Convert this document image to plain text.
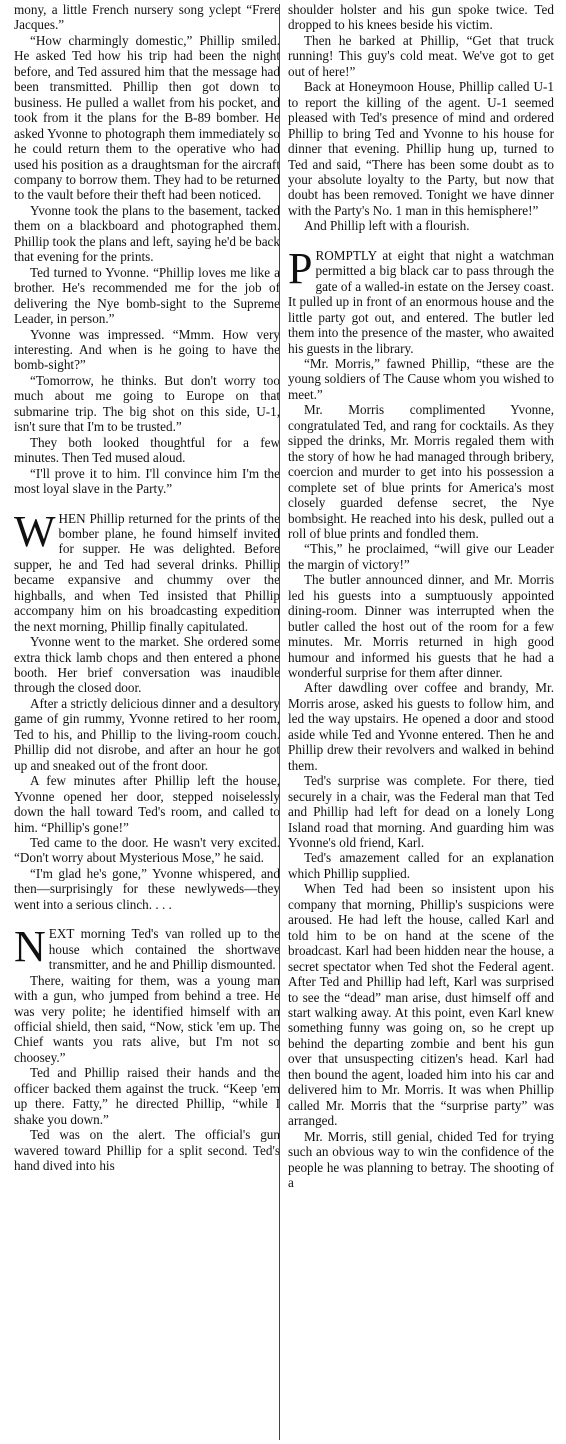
mony, a little French nursery song yclept “Frere Jacques.”

“How charmingly domestic,” Phillip smiled. He asked Ted how his trip had been the night before, and Ted assured him that the message had been transmitted. Phillip then got down to business. He pulled a wallet from his pocket, and took from it the plans for the B-89 bomber. He asked Yvonne to photograph them immediately so he could return them to the operative who had used his position as a draughtsman for the aircraft company to borrow them. They had to be returned to the vault before their theft had been noticed.

Yvonne took the plans to the basement, tacked them on a blackboard and photographed them. Phillip took the plans and left, saying he'd be back that evening for the prints.

Ted turned to Yvonne. “Phillip loves me like a brother. He's recommended me for the job of delivering the Nye bomb-sight to the Supreme Leader, in person.”

Yvonne was impressed. “Mmm. How very interesting. And when is he going to have the bomb-sight?”

“Tomorrow, he thinks. But don't worry too much about me going to Europe on that submarine trip. The big shot on this side, U-1, isn't sure that I'm to be trusted.”

They both looked thoughtful for a few minutes. Then Ted mused aloud.

“I'll prove it to him. I'll convince him I'm the most loyal slave in the Party.”

WHEN Phillip returned for the prints of the bomber plane, he found himself invited for supper. He was delighted. Before supper, he and Ted had several drinks. Phillip became expansive and chummy over the highballs, and when Ted insisted that Phillip accompany him on his broadcasting expedition the next morning, Phillip finally capitulated.

Yvonne went to the market. She ordered some extra thick lamb chops and then entered a phone booth. Her brief conversation was inaudible through the closed door.

After a strictly delicious dinner and a desultory game of gin rummy, Yvonne retired to her room, Ted to his, and Phillip to the living-room couch. Phillip did not disrobe, and after an hour he got up and sneaked out of the front door.

A few minutes after Phillip left the house, Yvonne opened her door, stepped noiselessly down the hall toward Ted's room, and called to him. “Phillip's gone!”

Ted came to the door. He wasn't very excited. “Don't worry about Mysterious Mose,” he said.

“I'm glad he's gone,” Yvonne whispered, and then—surprisingly for these newlyweds—they went into a serious clinch. . . .

NEXT morning Ted's van rolled up to the house which contained the shortwave transmitter, and he and Phillip dismounted.

There, waiting for them, was a young man with a gun, who jumped from behind a tree. He was very polite; he identified himself with an official shield, then said, “Now, stick 'em up. The Chief wants you rats alive, but I'm not so choosey.”

Ted and Phillip raised their hands and the officer backed them against the truck. “Keep 'em up there. Fatty,” he directed Phillip, “while I shake you down.”

Ted was on the alert. The official's gun wavered toward Phillip for a split second. Ted's hand dived into his

shoulder holster and his gun spoke twice. Ted dropped to his knees beside his victim.

Then he barked at Phillip, “Get that truck running! This guy's cold meat. We've got to get out of here!”

Back at Honeymoon House, Phillip called U-1 to report the killing of the agent. U-1 seemed pleased with Ted's presence of mind and ordered Phillip to bring Ted and Yvonne to his house for dinner that evening. Phillip hung up, turned to Ted and said, “There has been some doubt as to your absolute loyalty to the Party, but now that doubt has been removed. Tonight we have dinner with the Party's No. 1 man in this hemisphere!”

And Phillip left with a flourish.

PROMPTLY at eight that night a watchman permitted a big black car to pass through the gate of a walled-in estate on the Jersey coast. It pulled up in front of an enormous house and the little party got out, and entered. The butler led them into the presence of the master, who awaited his guests in the library.

“Mr. Morris,” fawned Phillip, “these are the young soldiers of The Cause whom you wished to meet.”

Mr. Morris complimented Yvonne, congratulated Ted, and rang for cocktails. As they sipped the drinks, Mr. Morris regaled them with the story of how he had managed through bribery, coercion and murder to get into his possession a complete set of blue prints for America's most closely guarded defense secret, the Nye bombsight. He reached into his desk, pulled out a roll of blue prints and fondled them.

“This,” he proclaimed, “will give our Leader the margin of victory!”

The butler announced dinner, and Mr. Morris led his guests into a sumptuously appointed dining-room. Dinner was interrupted when the butler called the host out of the room for a few minutes. Mr. Morris returned in high good humour and informed his guests that he had a wonderful surprise for them after dinner.

After dawdling over coffee and brandy, Mr. Morris arose, asked his guests to follow him, and led the way upstairs. He opened a door and stood aside while Ted and Yvonne entered. Then he and Phillip drew their revolvers and walked in behind them.

Ted's surprise was complete. For there, tied securely in a chair, was the Federal man that Ted and Phillip had left for dead on a lonely Long Island road that morning. And guarding him was Yvonne's old friend, Karl.

Ted's amazement called for an explanation which Phillip supplied.

When Ted had been so insistent upon his company that morning, Phillip's suspicions were aroused. He had left the house, called Karl and told him to be on hand at the scene of the broadcast. Karl had been hidden near the house, a secret spectator when Ted shot the Federal agent. After Ted and Phillip had left, Karl was surprised to see the “dead” man arise, dust himself off and start walking away. At this point, even Karl knew something funny was going on, so he crept up behind the departing zombie and bent his gun over that unsuspecting citizen's head. Karl had then bound the agent, loaded him into his car and delivered him to Mr. Morris. It was when Phillip called Mr. Morris that the “surprise party” was arranged.

Mr. Morris, still genial, chided Ted for trying such an obvious way to win the confidence of the people he was planning to betray. The shooting of a
